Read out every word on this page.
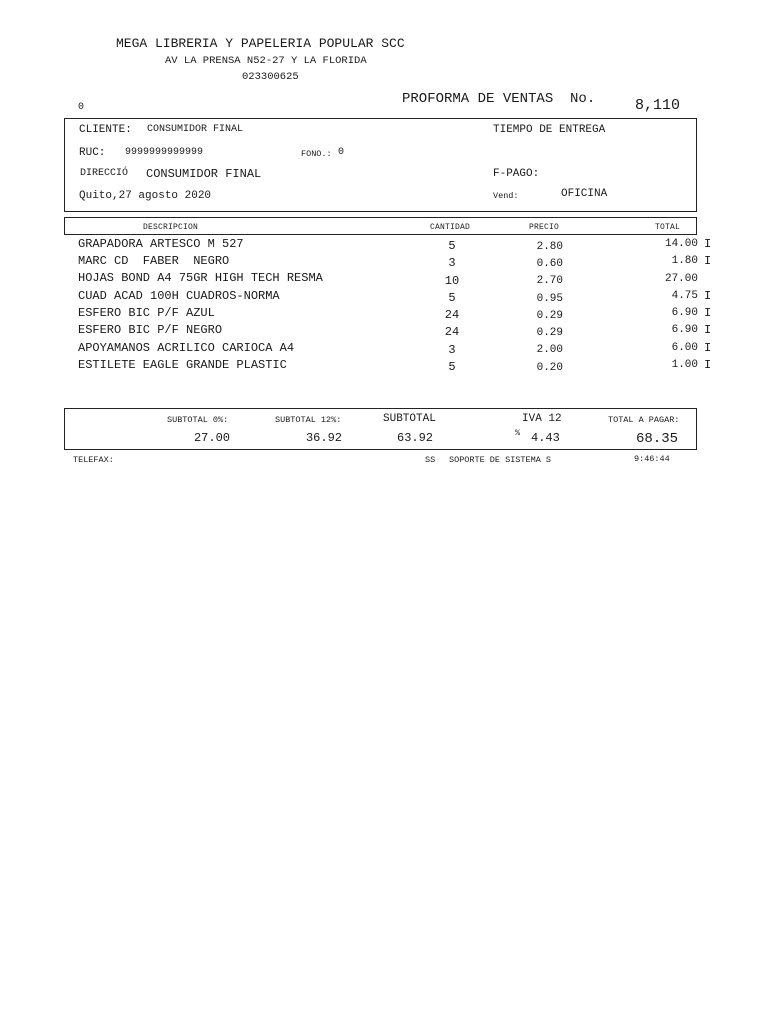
MEGA LIBRERIA Y PAPELERIA POPULAR SCC
AV LA PRENSA N52-27 Y LA FLORIDA
023300625
0
PROFORMA DE VENTAS  No.	8,110
CLIENTE: CONSUMIDOR FINAL	TIEMPO DE ENTREGA
RUC: 9999999999999	FONO.: 0
DIRECCIÓ CONSUMIDOR FINAL	F-PAGO:
Quito,27 agosto 2020	Vend:	OFICINA
DESCRIPCION	CANTIDAD	PRECIO	TOTAL
GRAPADORA ARTESCO M 527	5	2.80	14.00 I
MARC CD  FABER  NEGRO	3	0.60	1.80 I
HOJAS BOND A4 75GR HIGH TECH RESMA	10	2.70	27.00
CUAD ACAD 100H CUADROS-NORMA	5	0.95	4.75 I
ESFERO BIC P/F AZUL	24	0.29	6.90 I
ESFERO BIC P/F NEGRO	24	0.29	6.90 I
APOYAMANOS ACRILICO CARIOCA A4	3	2.00	6.00 I
ESTILETE EAGLE GRANDE PLASTIC	5	0.20	1.00 I
SUBTOTAL 0%:
27.00
SUBTOTAL 12%:
36.92
SUBTOTAL
63.92
IVA 12
% 4.43
TOTAL A PAGAR:
68.35
TELEFAX:	SS SOPORTE DE SISTEMA S	9:46:44
